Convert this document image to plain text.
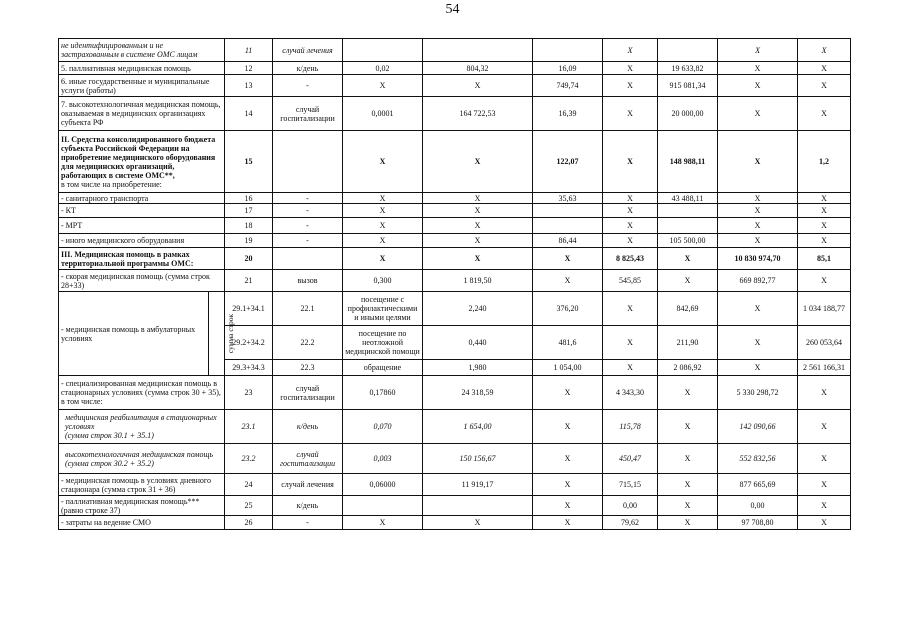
54
не идентифицированным и не застрахованным в системе ОМС лицам		11	случай лечения				X		X	X
5. паллиативная медицинская помощь		12	к/день	0,02	804,32	16,09	X	19 633,82	X	X
6. иные государственные и муниципальные услуги (работы)		13	-	X	X	749,74	X	915 081,34	X	X
7. высокотехнологичная медицинская помощь, оказываемая в медицинских организациях субъекта РФ		14	случай госпитализации	0,0001	164 722,53	16,39	X	20 000,00	X	X
II. Средства консолидированного бюджета субъекта Российской Федерации на приобретение медицинского оборудования для медицинских организаций, работающих в системе ОМС**,
в том числе на приобретение:		15		X	X	122,07	X	148 988,11	X	1,2
- санитарного транспорта		16	-	X	X	35,63	X	43 488,11	X	X
- КТ		17	-	X	X		X		X	X
- МРТ		18	-	X	X		X		X	X
- иного медицинского оборудования		19	-	X	X	86,44	X	105 500,00	X	X
III. Медицинская помощь в рамках территориальной программы ОМС:		20		X	X	X	8 825,43	X	10 830 974,70	85,1
- скорая медицинская помощь (сумма строк 28+33)		21	вызов	0,300	1 819,50	X	545,85	X	669 892,77	X
- медицинская помощь в амбулаторных условиях	сумма строк	29.1+34.1	22.1	посещение с профилактическими и иными целями	2,240	376,20	X	842,69	X	1 034 188,77
		29.2+34.2	22.2	посещение по неотложной медицинской помощи	0,440	481,6	X	211,90	X	260 053,64
		29.3+34.3	22.3	обращение	1,980	1 054,00	X	2 086,92	X	2 561 166,31
- специализированная медицинская помощь в стационарных условиях (сумма строк 30 + 35), в том числе:		23	случай госпитализации	0,17860	24 318,59	X	4 343,30	X	5 330 298,72	X
медицинская реабилитация в стационарных условиях
(сумма строк 30.1 + 35.1)		23.1	к/день	0,070	1 654,00	X	115,78	X	142 090,66	X
высокотехнологичная медицинская помощь (сумма строк 30.2 + 35.2)		23.2	случай госпитализации	0,003	150 156,67	X	450,47	X	552 832,56	X
- медицинская помощь в условиях дневного стационара (сумма строк 31 + 36)		24	случай лечения	0,06000	11 919,17	X	715,15	X	877 665,69	X
- паллиативная медицинская помощь*** (равно строке 37)		25	к/день			X	0,00	X	0,00	X
- затраты на ведение СМО		26	-	X	X	X	79,62	X	97 708,80	X
